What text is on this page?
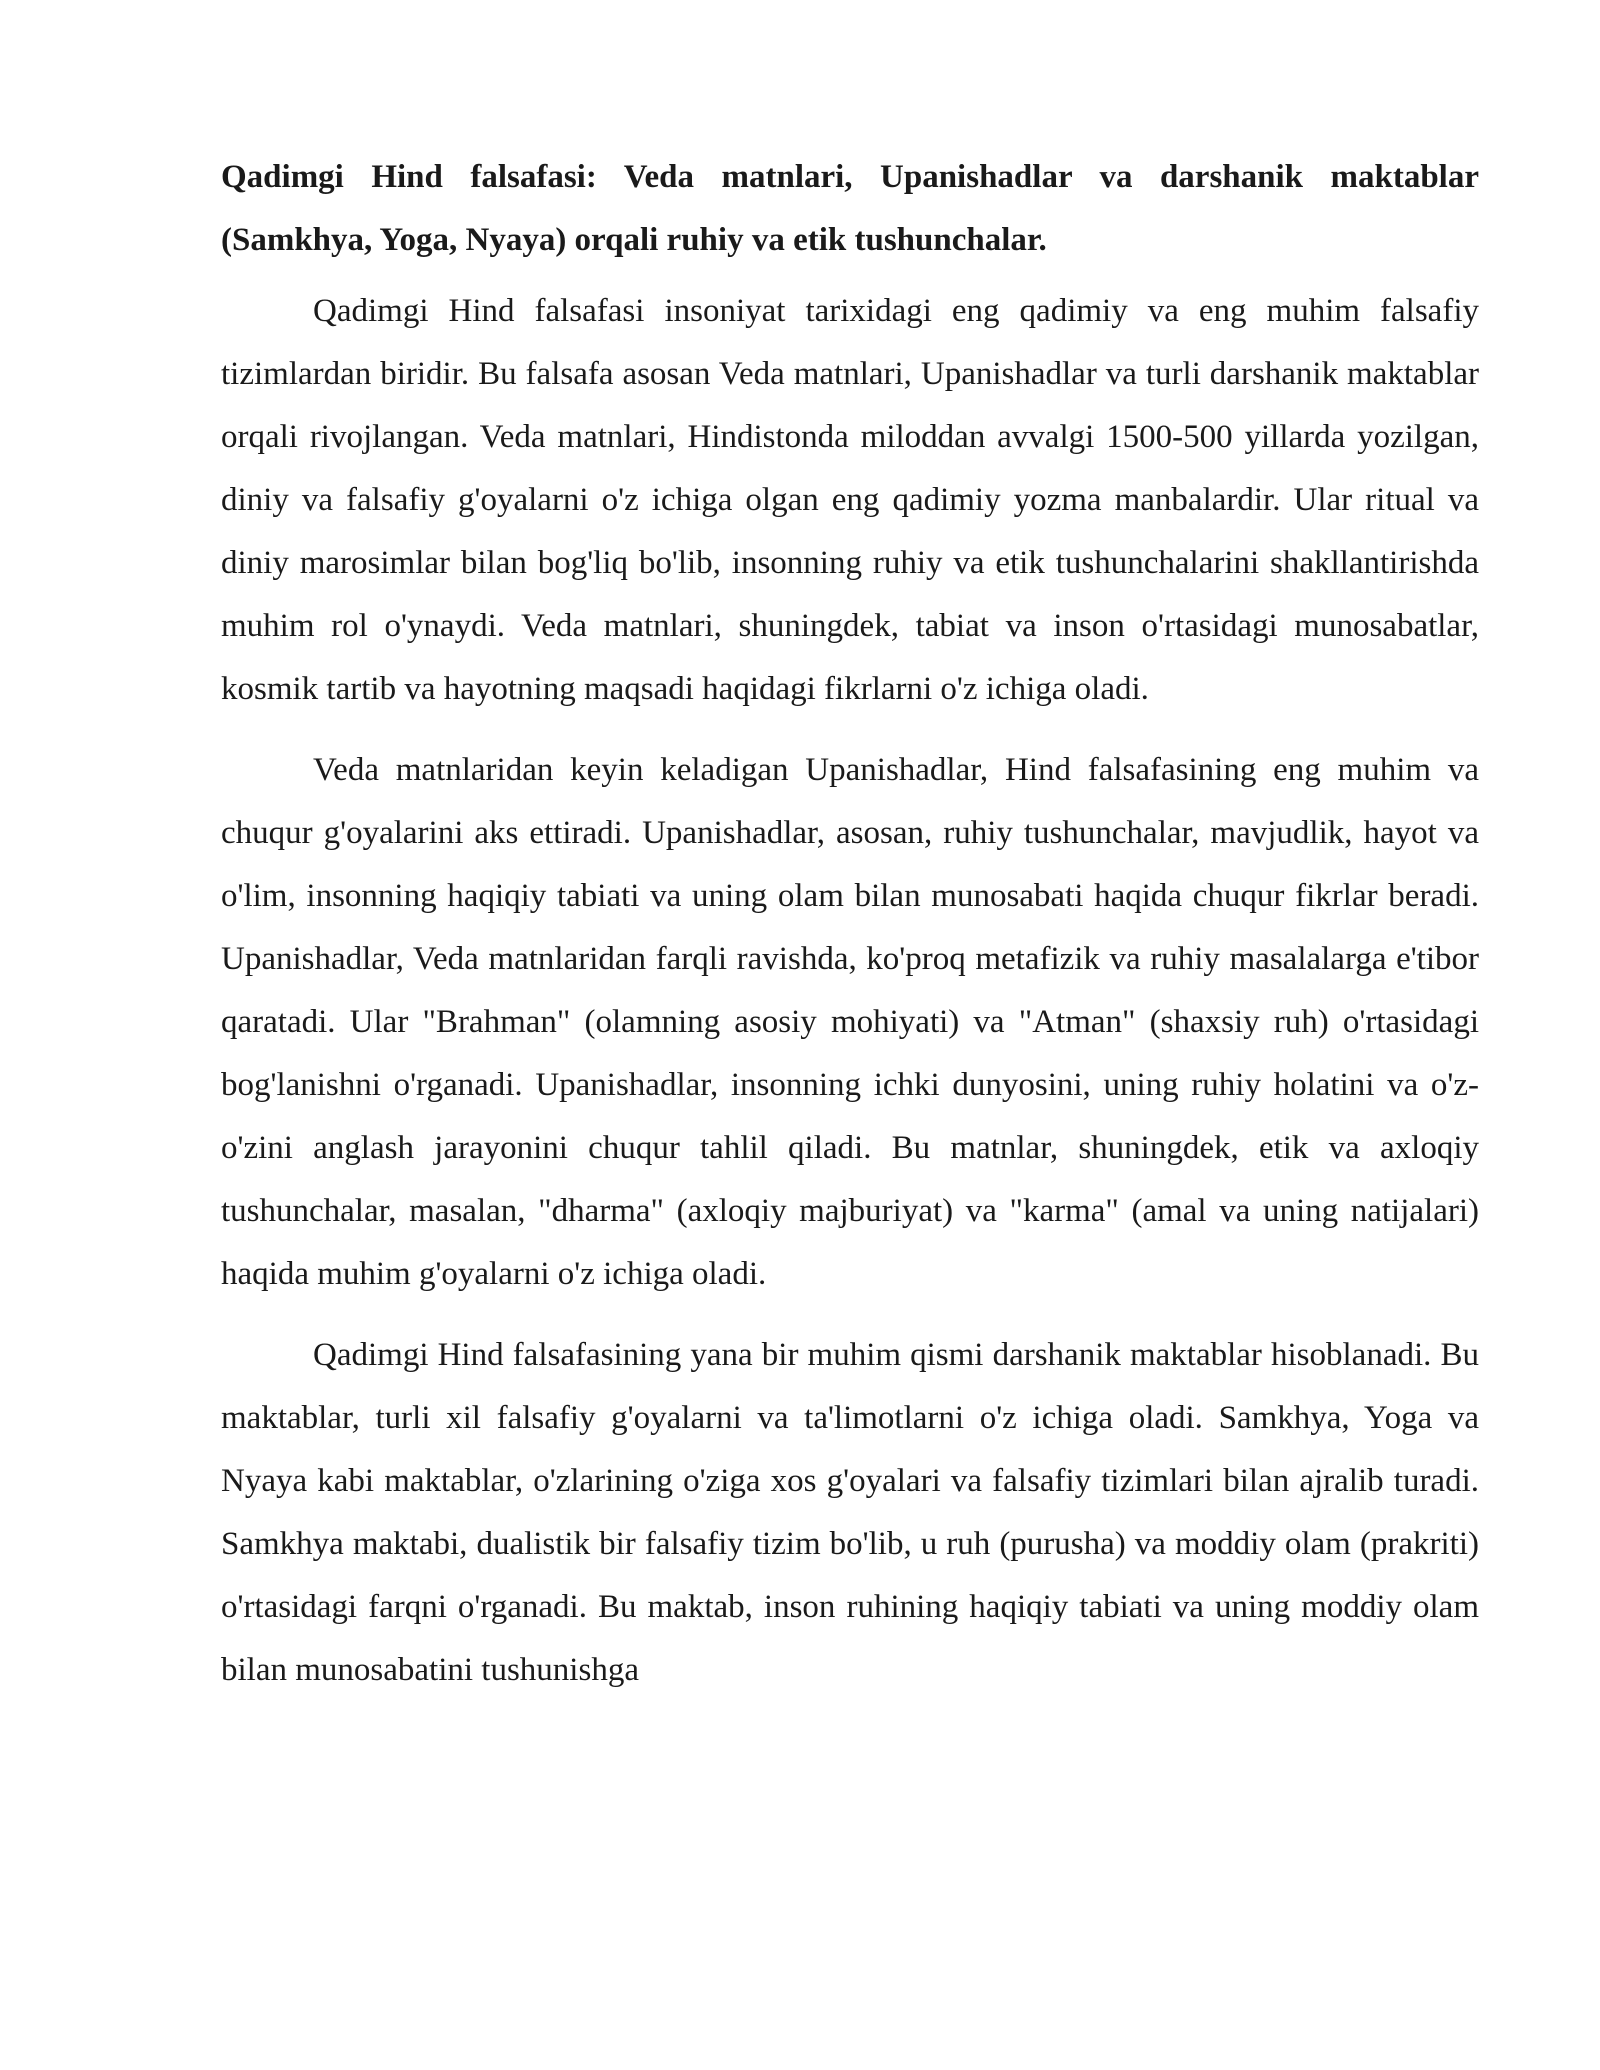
Qadimgi Hind falsafasi: Veda matnlari, Upanishadlar va darshanik maktablar (Samkhya, Yoga, Nyaya) orqali ruhiy va etik tushunchalar.

Qadimgi Hind falsafasi insoniyat tarixidagi eng qadimiy va eng muhim falsafiy tizimlardan biridir. Bu falsafa asosan Veda matnlari, Upanishadlar va turli darshanik maktablar orqali rivojlangan. Veda matnlari, Hindistonda miloddan avvalgi 1500-500 yillarda yozilgan, diniy va falsafiy g'oyalarni o'z ichiga olgan eng qadimiy yozma manbalardir. Ular ritual va diniy marosimlar bilan bog'liq bo'lib, insonning ruhiy va etik tushunchalarini shakllantirishda muhim rol o'ynaydi. Veda matnlari, shuningdek, tabiat va inson o'rtasidagi munosabatlar, kosmik tartib va hayotning maqsadi haqidagi fikrlarni o'z ichiga oladi.

Veda matnlaridan keyin keladigan Upanishadlar, Hind falsafasining eng muhim va chuqur g'oyalarini aks ettiradi. Upanishadlar, asosan, ruhiy tushunchalar, mavjudlik, hayot va o'lim, insonning haqiqiy tabiati va uning olam bilan munosabati haqida chuqur fikrlar beradi. Upanishadlar, Veda matnlaridan farqli ravishda, ko'proq metafizik va ruhiy masalalarga e'tibor qaratadi. Ular "Brahman" (olamning asosiy mohiyati) va "Atman" (shaxsiy ruh) o'rtasidagi bog'lanishni o'rganadi. Upanishadlar, insonning ichki dunyosini, uning ruhiy holatini va o'z-o'zini anglash jarayonini chuqur tahlil qiladi. Bu matnlar, shuningdek, etik va axloqiy tushunchalar, masalan, "dharma" (axloqiy majburiyat) va "karma" (amal va uning natijalari) haqida muhim g'oyalarni o'z ichiga oladi.

Qadimgi Hind falsafasining yana bir muhim qismi darshanik maktablar hisoblanadi. Bu maktablar, turli xil falsafiy g'oyalarni va ta'limotlarni o'z ichiga oladi. Samkhya, Yoga va Nyaya kabi maktablar, o'zlarining o'ziga xos g'oyalari va falsafiy tizimlari bilan ajralib turadi. Samkhya maktabi, dualistik bir falsafiy tizim bo'lib, u ruh (purusha) va moddiy olam (prakriti) o'rtasidagi farqni o'rganadi. Bu maktab, inson ruhining haqiqiy tabiati va uning moddiy olam bilan munosabatini tushunishga
